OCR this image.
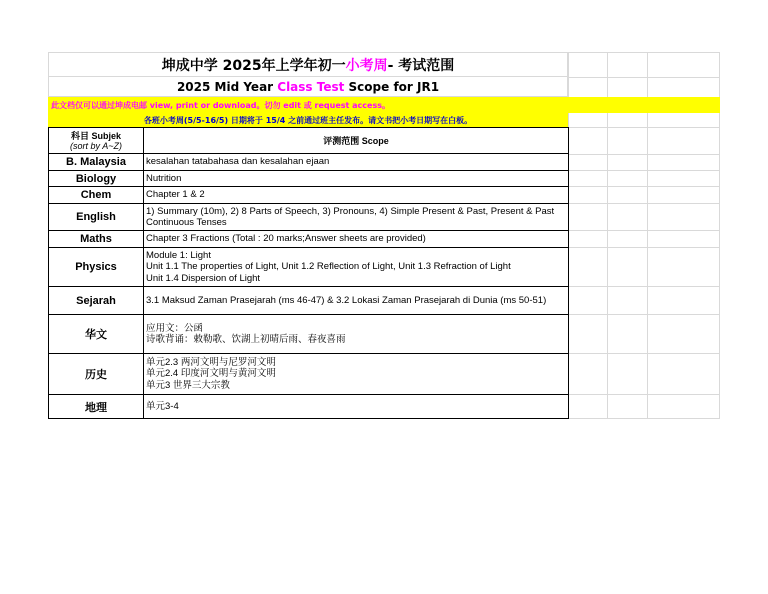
坤成中学 2025年上学年初一 小考周 - 考试范围
2025 Mid Year Class Test Scope for JR1
此文档仅可以通过坤成电邮 view, print or download。切勿 edit 或 request access。
各班小考周(5/5-16/5) 日期将于 15/4 之前通过班主任发布。请文书把小考日期写在白板。
科目 Subjek
(sort by A~Z)	评测范围 Scope
B. Malaysia	kesalahan tatabahasa dan kesalahan ejaan
Biology	Nutrition
Chem	Chapter 1 & 2
English	1) Summary (10m), 2) 8 Parts of Speech, 3) Pronouns, 4) Simple Present & Past, Present & Past Continuous Tenses
Maths	Chapter 3 Fractions (Total : 20 marks;Answer sheets are provided)
Physics	Module 1: Light
Unit 1.1 The properties of Light, Unit 1.2 Reflection of Light, Unit 1.3 Refraction of Light
Unit 1.4 Dispersion of Light
Sejarah	3.1 Maksud Zaman Prasejarah (ms 46-47) & 3.2 Lokasi Zaman Prasejarah di Dunia (ms 50-51)
华文	应用文：公函
诗歌背诵：敕勒歌、饮湖上初晴后雨、春夜喜雨

历史	单元2.3 两河文明与尼罗河文明
单元2.4 印度河文明与黄河文明
单元3 世界三大宗教
地理	单元3-4
